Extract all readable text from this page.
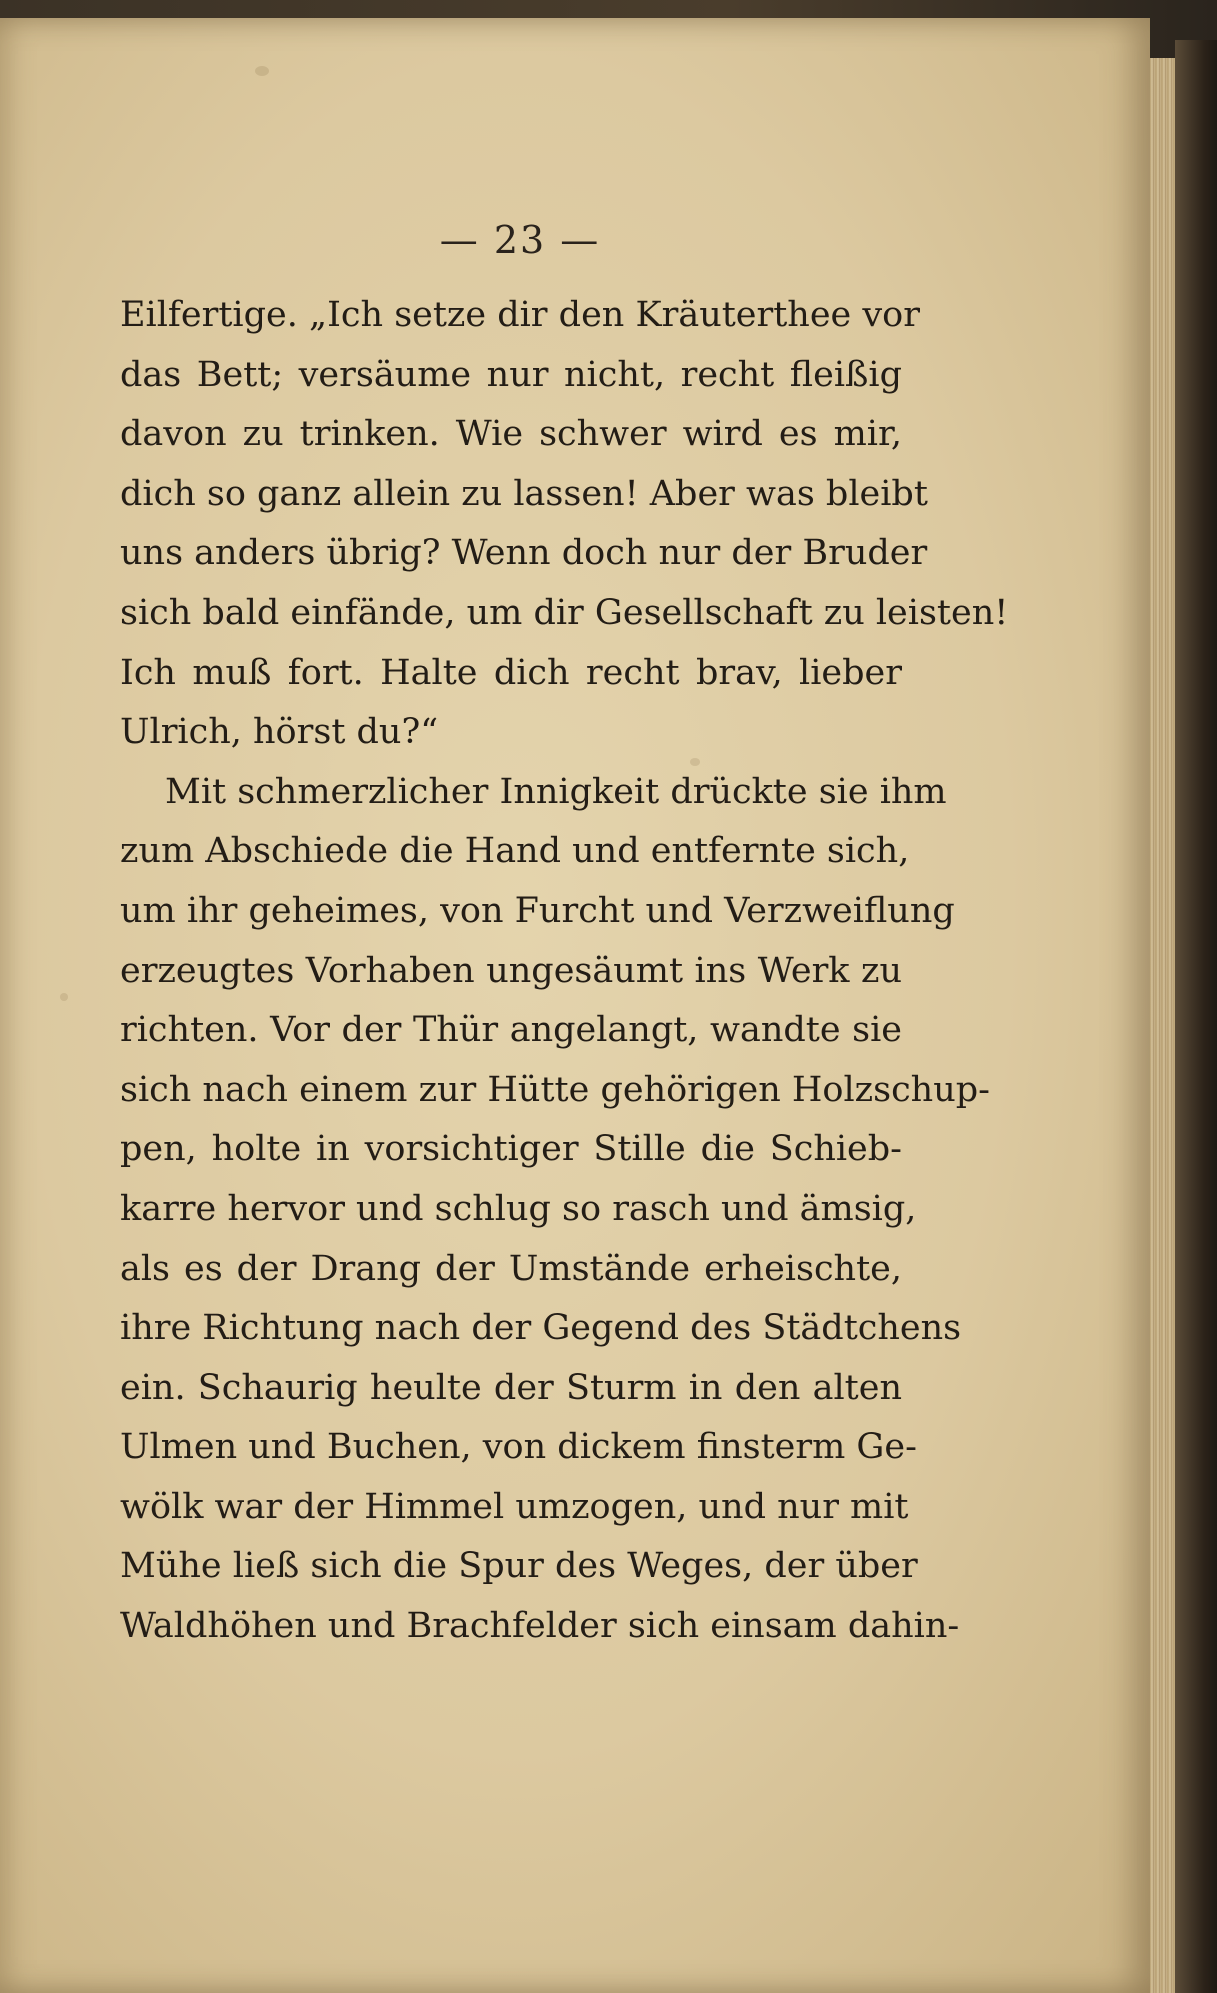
— 23 —
Eilfertige. „Ich setze dir den Kräuterthee vor
das Bett; versäume nur nicht, recht fleißig
davon zu trinken. Wie schwer wird es mir,
dich so ganz allein zu lassen! Aber was bleibt
uns anders übrig? Wenn doch nur der Bruder
sich bald einfände, um dir Gesellschaft zu leisten!
Ich muß fort. Halte dich recht brav, lieber
Ulrich, hörst du?“
Mit schmerzlicher Innigkeit drückte sie ihm
zum Abschiede die Hand und entfernte sich,
um ihr geheimes, von Furcht und Verzweiflung
erzeugtes Vorhaben ungesäumt ins Werk zu
richten. Vor der Thür angelangt, wandte sie
sich nach einem zur Hütte gehörigen Holzschup-
pen, holte in vorsichtiger Stille die Schieb-
karre hervor und schlug so rasch und ämsig,
als es der Drang der Umstände erheischte,
ihre Richtung nach der Gegend des Städtchens
ein. Schaurig heulte der Sturm in den alten
Ulmen und Buchen, von dickem finsterm Ge-
wölk war der Himmel umzogen, und nur mit
Mühe ließ sich die Spur des Weges, der über
Waldhöhen und Brachfelder sich einsam dahin-
